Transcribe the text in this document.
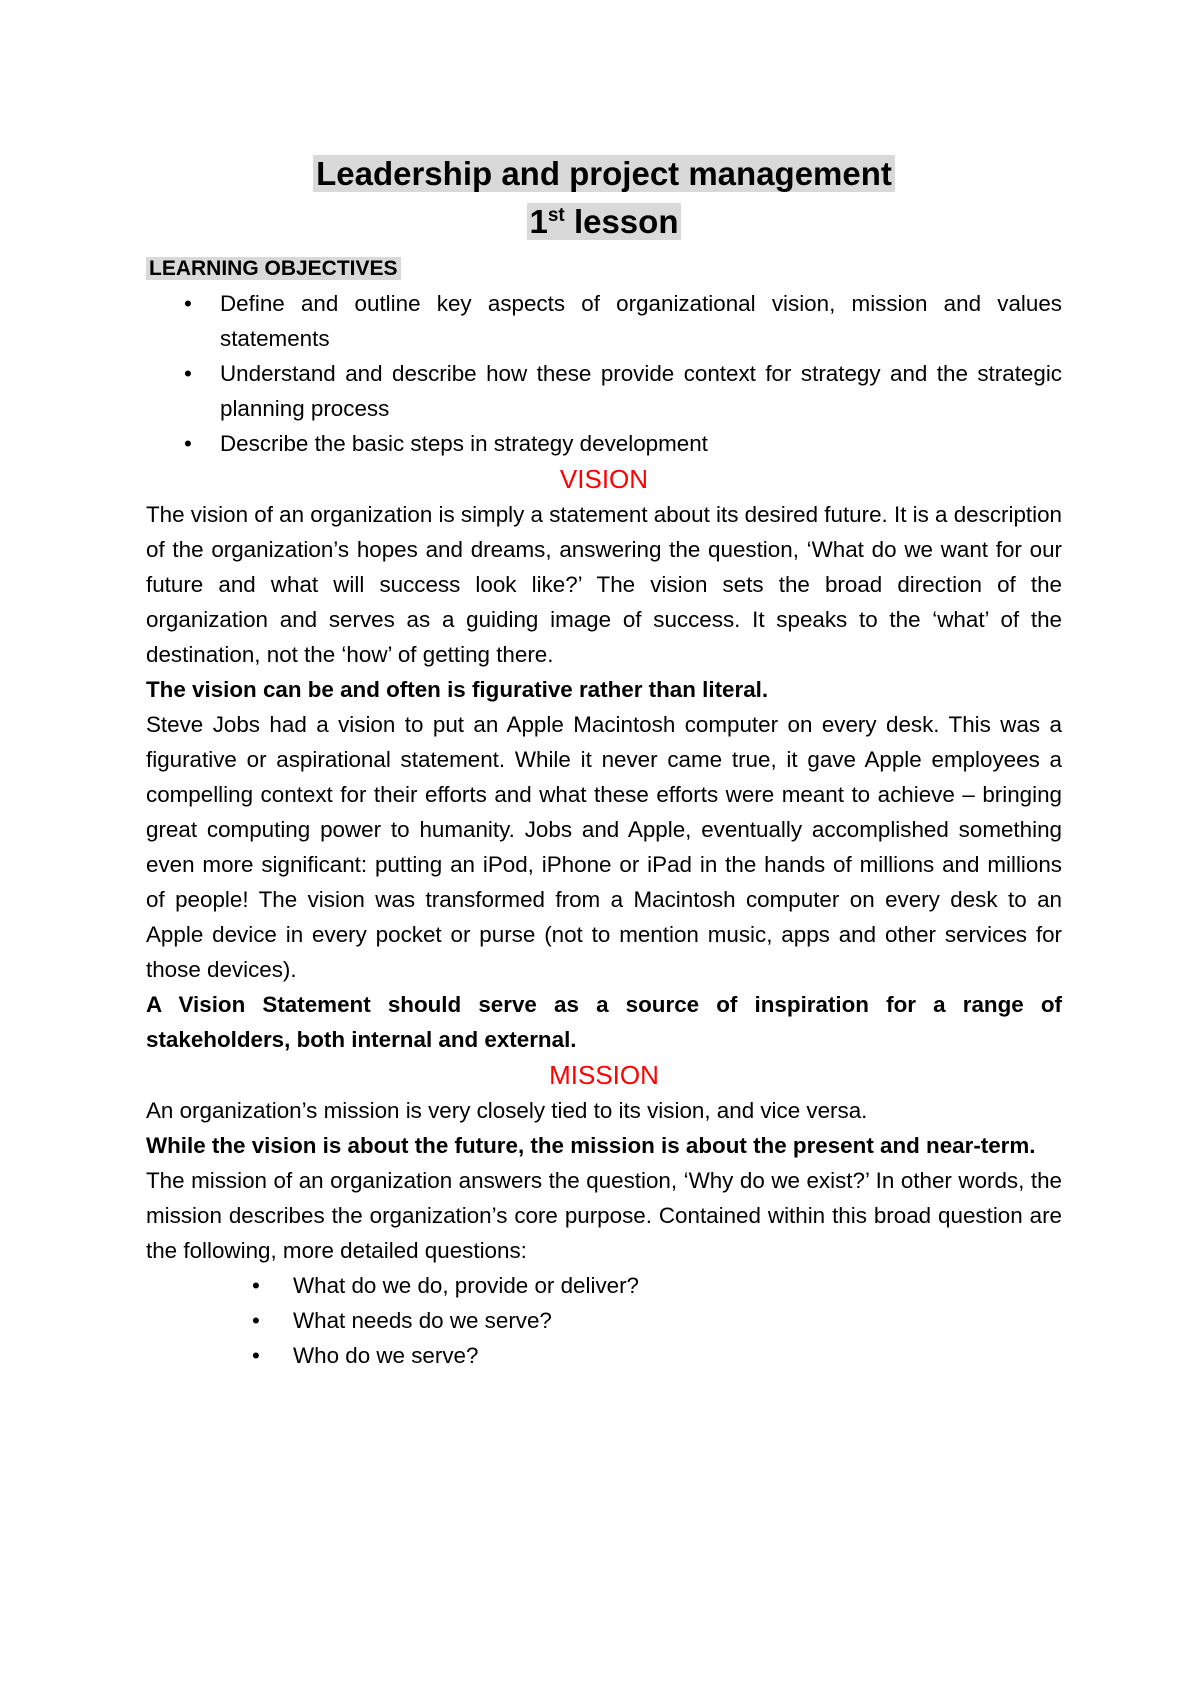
Leadership and project management
1st lesson
LEARNING OBJECTIVES
• Define and outline key aspects of organizational vision, mission and values statements
• Understand and describe how these provide context for strategy and the strategic planning process
• Describe the basic steps in strategy development
VISION

The vision of an organization is simply a statement about its desired future. It is a description of the organization’s hopes and dreams, answering the question, ‘What do we want for our future and what will success look like?’ The vision sets the broad direction of the organization and serves as a guiding image of success. It speaks to the ‘what’ of the destination, not the ‘how’ of getting there.

The vision can be and often is figurative rather than literal.

Steve Jobs had a vision to put an Apple Macintosh computer on every desk. This was a figurative or aspirational statement. While it never came true, it gave Apple employees a compelling context for their efforts and what these efforts were meant to achieve – bringing great computing power to humanity. Jobs and Apple, eventually accomplished something even more significant: putting an iPod, iPhone or iPad in the hands of millions and millions of people! The vision was transformed from a Macintosh computer on every desk to an Apple device in every pocket or purse (not to mention music, apps and other services for those devices).

A Vision Statement should serve as a source of inspiration for a range of stakeholders, both internal and external.

MISSION

An organization’s mission is very closely tied to its vision, and vice versa.

While the vision is about the future, the mission is about the present and near-term.

The mission of an organization answers the question, ‘Why do we exist?’ In other words, the mission describes the organization’s core purpose. Contained within this broad question are the following, more detailed questions:

• What do we do, provide or deliver?
• What needs do we serve?
• Who do we serve?
